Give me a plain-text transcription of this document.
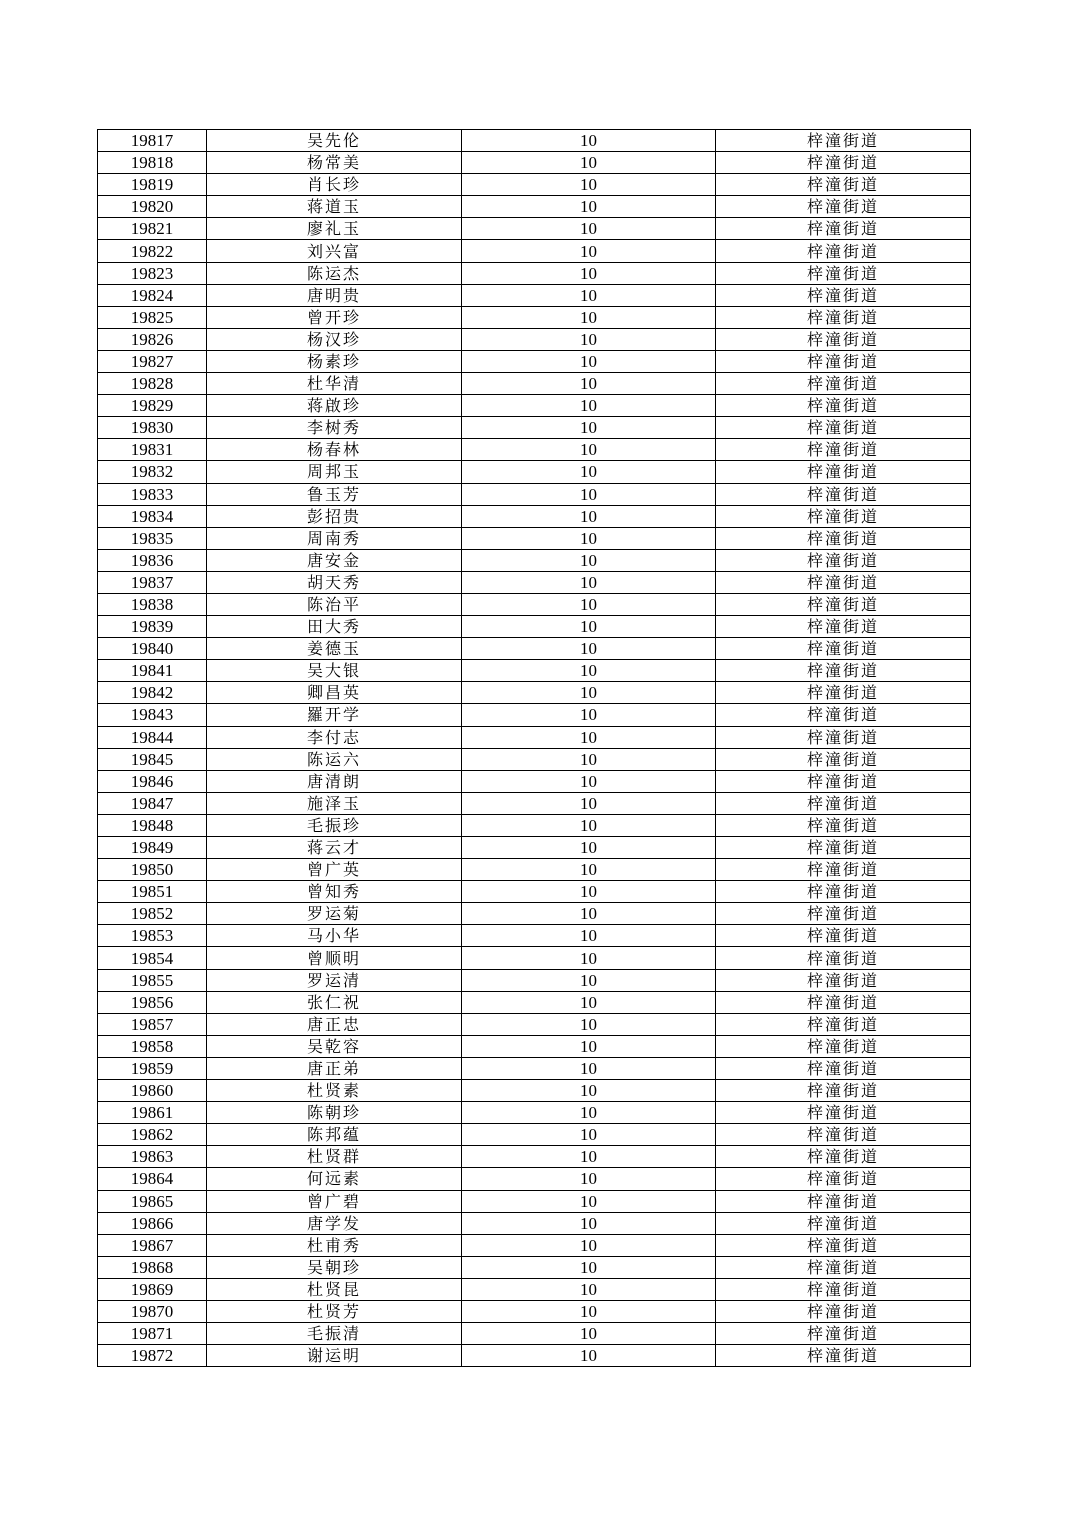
19817	吴先伦	10	梓潼街道
19818	杨常美	10	梓潼街道
19819	肖长珍	10	梓潼街道
19820	蒋道玉	10	梓潼街道
19821	廖礼玉	10	梓潼街道
19822	刘兴富	10	梓潼街道
19823	陈运杰	10	梓潼街道
19824	唐明贵	10	梓潼街道
19825	曾开珍	10	梓潼街道
19826	杨汉珍	10	梓潼街道
19827	杨素珍	10	梓潼街道
19828	杜华清	10	梓潼街道
19829	蒋啟珍	10	梓潼街道
19830	李树秀	10	梓潼街道
19831	杨春林	10	梓潼街道
19832	周邦玉	10	梓潼街道
19833	鲁玉芳	10	梓潼街道
19834	彭招贵	10	梓潼街道
19835	周南秀	10	梓潼街道
19836	唐安金	10	梓潼街道
19837	胡天秀	10	梓潼街道
19838	陈治平	10	梓潼街道
19839	田大秀	10	梓潼街道
19840	姜德玉	10	梓潼街道
19841	吴大银	10	梓潼街道
19842	卿昌英	10	梓潼街道
19843	羅开学	10	梓潼街道
19844	李付志	10	梓潼街道
19845	陈运六	10	梓潼街道
19846	唐清朗	10	梓潼街道
19847	施泽玉	10	梓潼街道
19848	毛振珍	10	梓潼街道
19849	蒋云才	10	梓潼街道
19850	曾广英	10	梓潼街道
19851	曾知秀	10	梓潼街道
19852	罗运菊	10	梓潼街道
19853	马小华	10	梓潼街道
19854	曾顺明	10	梓潼街道
19855	罗运清	10	梓潼街道
19856	张仁祝	10	梓潼街道
19857	唐正忠	10	梓潼街道
19858	吴乾容	10	梓潼街道
19859	唐正弟	10	梓潼街道
19860	杜贤素	10	梓潼街道
19861	陈朝珍	10	梓潼街道
19862	陈邦蕴	10	梓潼街道
19863	杜贤群	10	梓潼街道
19864	何远素	10	梓潼街道
19865	曾广碧	10	梓潼街道
19866	唐学发	10	梓潼街道
19867	杜甫秀	10	梓潼街道
19868	吴朝珍	10	梓潼街道
19869	杜贤昆	10	梓潼街道
19870	杜贤芳	10	梓潼街道
19871	毛振清	10	梓潼街道
19872	谢运明	10	梓潼街道
